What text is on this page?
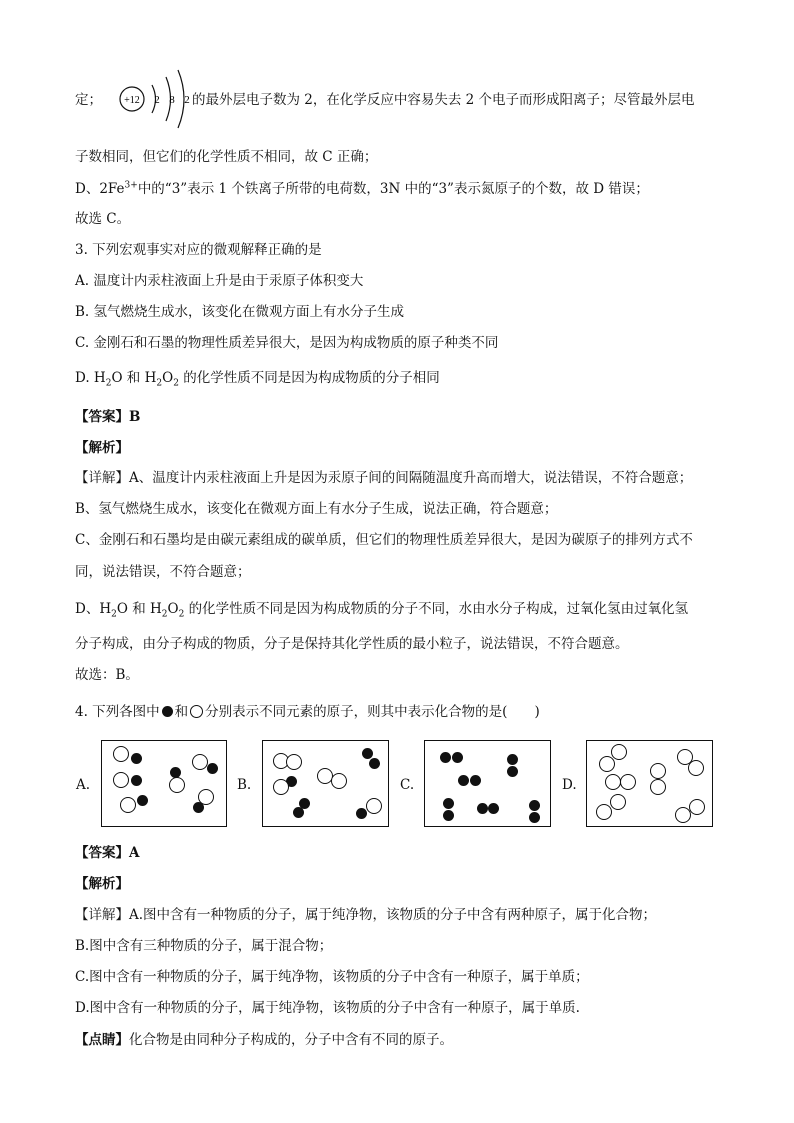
定； +12 2 8 2 的最外层电子数为 2，在化学反应中容易失去 2 个电子而形成阳离子；尽管最外层电
子数相同，但它们的化学性质不相同，故 C 正确；
D、$2Fe^{3+}$中的“3”表示 1 个铁离子所带的电荷数，3N 中的“3”表示氮原子的个数，故 D 错误；
故选 C。
3. 下列宏观事实对应的微观解释正确的是
A. 温度计内汞柱液面上升是由于汞原子体积变大
B. 氢气燃烧生成水，该变化在微观方面上有水分子生成
C. 金刚石和石墨的物理性质差异很大，是因为构成物质的原子种类不同
D. $H_2O$ 和 $H_2O_2$ 的化学性质不同是因为构成物质的分子相同
【答案】B
【解析】
【详解】A、温度计内汞柱液面上升是因为汞原子间的间隔随温度升高而增大，说法错误，不符合题意；
B、氢气燃烧生成水，该变化在微观方面上有水分子生成，说法正确，符合题意；
C、金刚石和石墨均是由碳元素组成的碳单质，但它们的物理性质差异很大，是因为碳原子的排列方式不
同，说法错误，不符合题意；
D、$H_2O$ 和 $H_2O_2$ 的化学性质不同是因为构成物质的分子不同，水由水分子构成，过氧化氢由过氧化氢
分子构成，由分子构成的物质，分子是保持其化学性质的最小粒子，说法错误，不符合题意。
故选：B。
4. 下列各图中 和 分别表示不同元素的原子，则其中表示化合物的是(　　)
A.	B.	C.	D.
【答案】A
【解析】
【详解】A.图中含有一种物质的分子，属于纯净物，该物质的分子中含有两种原子，属于化合物；
B.图中含有三种物质的分子，属于混合物；
C.图中含有一种物质的分子，属于纯净物，该物质的分子中含有一种原子，属于单质；
D.图中含有一种物质的分子，属于纯净物，该物质的分子中含有一种原子，属于单质.
【点睛】化合物是由同种分子构成的，分子中含有不同的原子。
